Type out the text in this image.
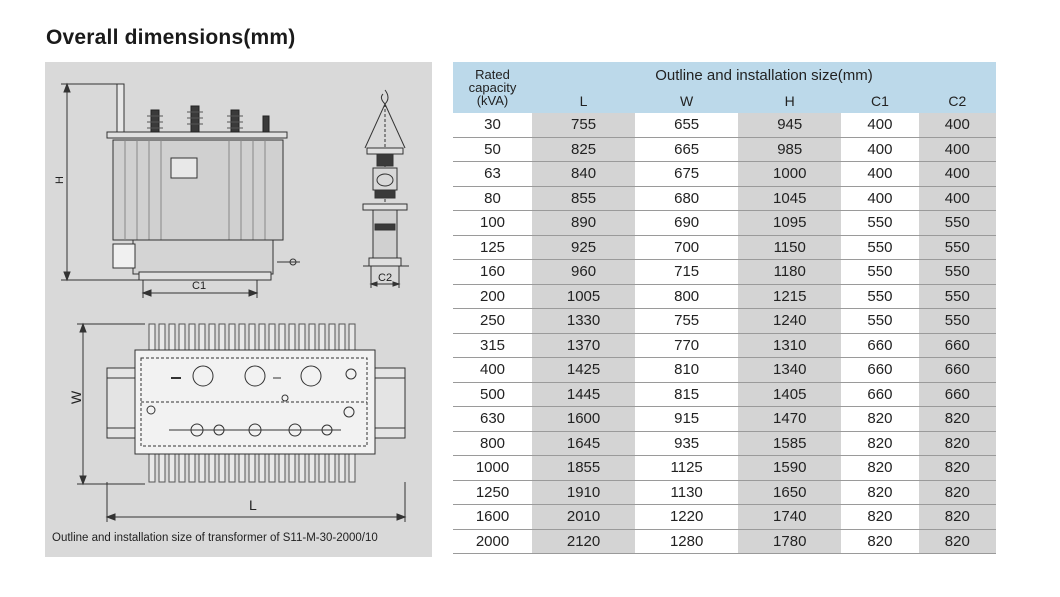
Overall dimensions(mm)
H
C1
C2
W
L
Outline and installation size of transformer of S11-M-30-2000/10
Rated
capacity
(kVA)	Outline and installation size(mm)				
	L	W	H	C1	C2
30	755	655	945	400	400
50	825	665	985	400	400
63	840	675	1000	400	400
80	855	680	1045	400	400
100	890	690	1095	550	550
125	925	700	1150	550	550
160	960	715	1180	550	550
200	1005	800	1215	550	550
250	1330	755	1240	550	550
315	1370	770	1310	660	660
400	1425	810	1340	660	660
500	1445	815	1405	660	660
630	1600	915	1470	820	820
800	1645	935	1585	820	820
1000	1855	1125	1590	820	820
1250	1910	1130	1650	820	820
1600	2010	1220	1740	820	820
2000	2120	1280	1780	820	820
